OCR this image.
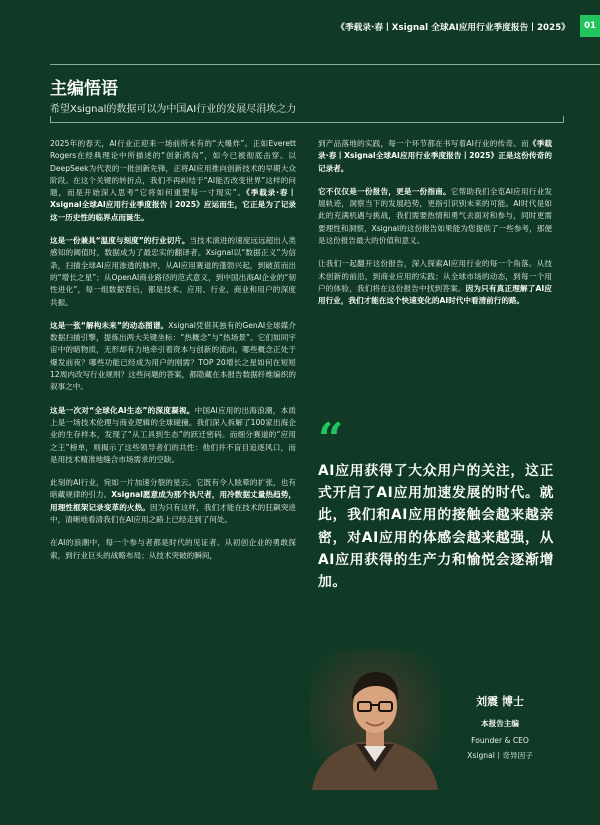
《季载录·春丨Xsignal 全球AI应用行业季度报告丨2025》	01
主编悟语
希望Xsignal的数据可以为中国AI行业的发展尽涓埃之力

2025年的春天，AI行业正迎来一场前所未有的“大爆炸”。正如Everett Rogers在经典理论中所描述的“创新鸿沟”，如今已被彻底击穿。以DeepSeek为代表的一批创新先锋，正将AI应用推向创新技术的早期大众阶段。在这个关键的转折点，我们不再纠结于“AI能否改变世界”这样的问题，而是开始深入思考“它将如何重塑每一寸现实”。《季载录·春丨Xsignal全球AI应用行业季度报告丨2025》应运而生，它正是为了记录这一历史性的临界点而诞生。

这是一份兼具“温度与刻度”的行业切片。当技术演进的速度远远超出人类感知的阈值时，数据成为了最忠实的翻译者。Xsignal以“数据正义”为信条，扫描全球AI应用渗透的脉冲，从AI应用赛道的蓬勃兴起，到破茧而出的“增长之星”；从OpenAI商业路径的范式意义，到中国出海AI企业的“韧性进化”，每一组数据背后，都是技术、应用、行业、商业和用户的深度共振。

这是一张“解构未来”的动态图谱。Xsignal凭借其独有的GenAI全球媒介数据扫描引擎，提炼出两大关键坐标：“热概念”与“热场景”。它们如同宇宙中的暗物质，无形却有力地牵引着资本与创新的流向。哪些概念正处于爆发前夜？哪些功能已经成为用户的刚需？TOP 20增长之星如何在短短12周内改写行业规则？这些问题的答案，都隐藏在本报告数据纤维编织的叙事之中。

这是一次对“全球化AI生态”的深度凝视。中国AI应用的出海浪潮，本质上是一场技术伦理与商业逻辑的全球碰撞。我们深入拆解了100家出海企业的生存样本，发现了“从工具到生态”的跃迁密码。而细分赛道的“应用之王”榜单，则揭示了这些领导者们的共性：他们并不盲目追逐风口，而是用技术精准地缝合市场需求的空缺。

此刻的AI行业，宛如一片加速分裂的星云。它既有令人眩晕的扩张，也有暗藏规律的引力。Xsignal愿意成为那个执尺者，用冷数据丈量热趋势，用理性框架记录变革的火热。因为只有这样，我们才能在技术的狂飙突进中，清晰地看清我们在AI应用之路上已经走到了何处。

在AI的浪潮中，每一个参与者都是时代的见证者。从初创企业的勇敢探索，到行业巨头的战略布局；从技术突破的瞬间，

到产品落地的实践，每一个环节都在书写着AI行业的传奇。而《季载录·春丨Xsignal全球AI应用行业季度报告丨2025》正是这份传奇的记录者。

它不仅仅是一份报告，更是一份指南。它帮助我们全览AI应用行业发展轨迹，洞察当下的发展趋势，更指引识别未来的可能。AI时代是如此的充满机遇与挑战，我们需要热情和勇气去面对和参与，同时更需要理性和洞察，Xsignal的这份报告如果能为您提供了一些参考，那便是这份报告最大的价值和意义。

让我们一起翻开这份报告，深入探索AI应用行业的每一个角落。从技术创新的前沿，到商业应用的实践；从全球市场的动态，到每一个用户的体验，我们将在这份报告中找到答案。因为只有真正理解了AI应用行业，我们才能在这个快速变化的AI时代中看清前行的路。

“
AI应用获得了大众用户的关注，这正式开启了AI应用加速发展的时代。就此，我们和AI应用的接触会越来越亲密，对AI应用的体感会越来越强，从AI应用获得的生产力和愉悦会逐渐增加。
刘震 博士
本报告主编
Founder & CEO
Xsignal丨奇异因子
